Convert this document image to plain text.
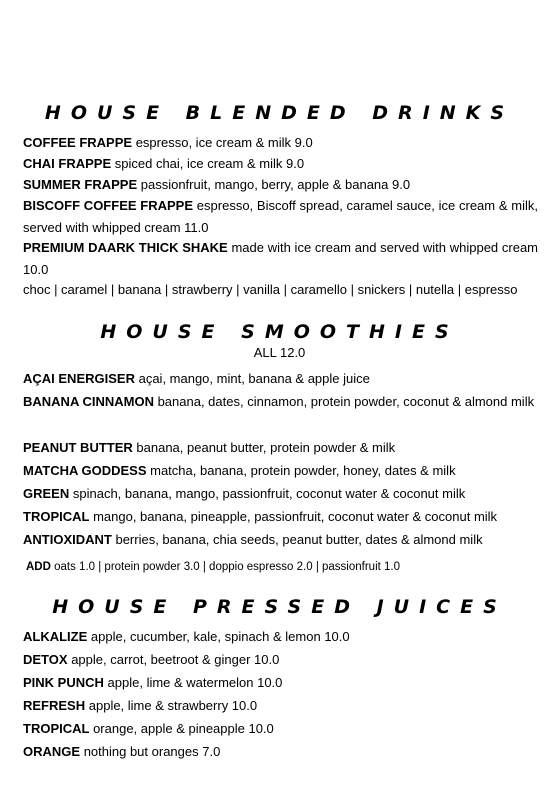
HOUSE BLENDED DRINKS
COFFEE FRAPPE espresso, ice cream & milk 9.0
CHAI FRAPPE spiced chai, ice cream & milk 9.0
SUMMER FRAPPE passionfruit, mango, berry, apple & banana 9.0
BISCOFF COFFEE FRAPPE espresso, Biscoff spread, caramel sauce, ice cream & milk, served with whipped cream 11.0
PREMIUM DAARK THICK SHAKE made with ice cream and served with whipped cream 10.0
choc | caramel | banana | strawberry | vanilla | caramello | snickers | nutella | espresso
HOUSE SMOOTHIES
ALL 12.0
AÇAI ENERGISER açai, mango, mint, banana & apple juice
BANANA CINNAMON banana, dates, cinnamon, protein powder, coconut & almond milk
PEANUT BUTTER banana, peanut butter, protein powder & milk
MATCHA GODDESS matcha, banana, protein powder, honey, dates & milk
GREEN spinach, banana, mango, passionfruit, coconut water & coconut milk
TROPICAL mango, banana, pineapple, passionfruit, coconut water & coconut milk
ANTIOXIDANT berries, banana, chia seeds, peanut butter, dates & almond milk
ADD oats 1.0 | protein powder 3.0 | doppio espresso 2.0 | passionfruit 1.0
HOUSE PRESSED JUICES
ALKALIZE apple, cucumber, kale, spinach & lemon 10.0
DETOX apple, carrot, beetroot & ginger 10.0
PINK PUNCH apple, lime & watermelon 10.0
REFRESH apple, lime & strawberry 10.0
TROPICAL orange, apple & pineapple 10.0
ORANGE nothing but oranges 7.0
